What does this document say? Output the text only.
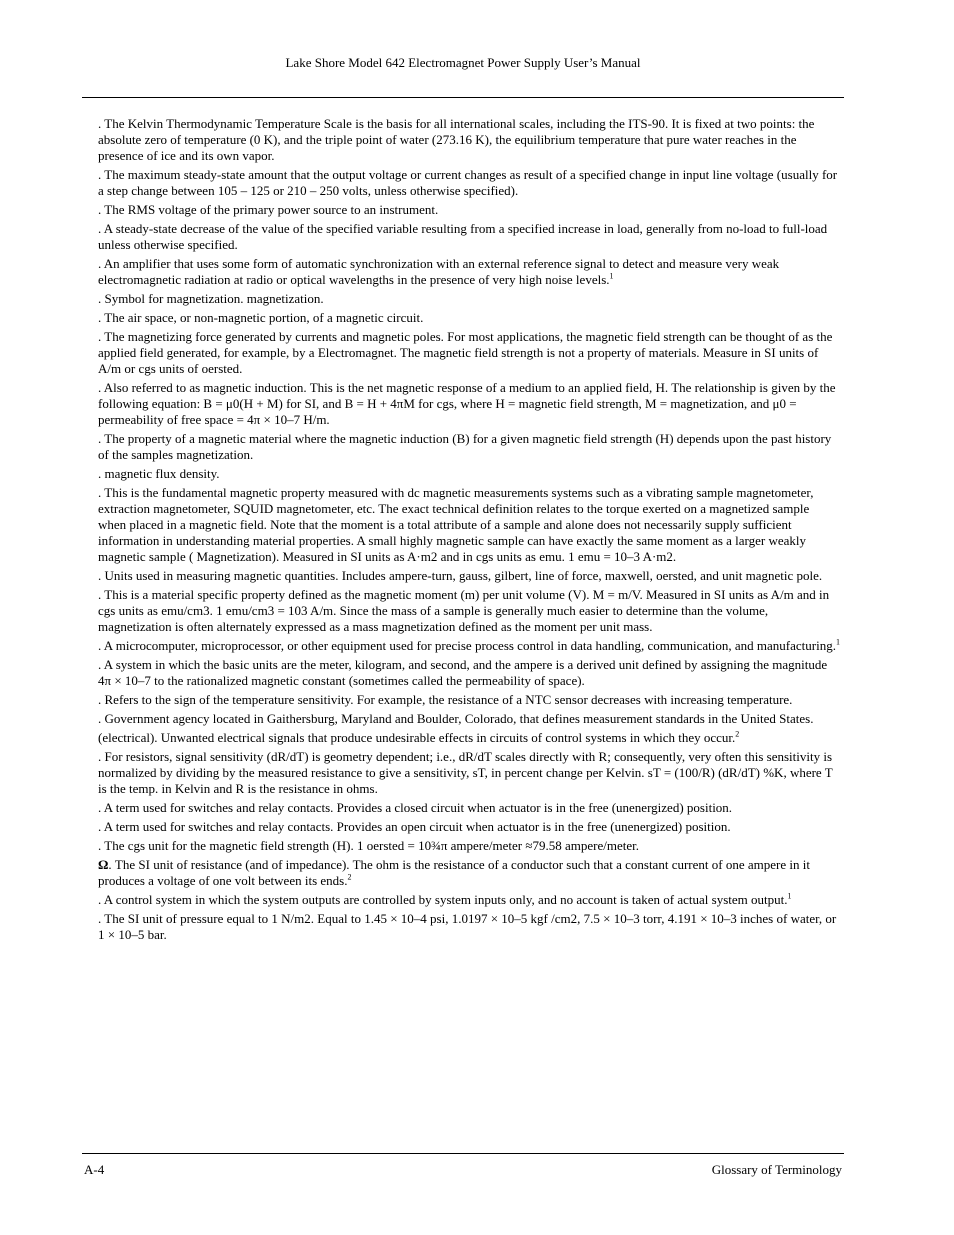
Lake Shore Model 642 Electromagnet Power Supply User’s Manual

. The Kelvin Thermodynamic Temperature Scale is the basis for all international scales, including the ITS-90. It is fixed at two points: the absolute zero of temperature (0 K), and the triple point of water (273.16 K), the equilibrium temperature that pure water reaches in the presence of ice and its own vapor.

. The maximum steady-state amount that the output voltage or current changes as result of a specified change in input line voltage (usually for a step change between 105 – 125 or 210 – 250 volts, unless otherwise specified).

. The RMS voltage of the primary power source to an instrument.

. A steady-state decrease of the value of the specified variable resulting from a specified increase in load, generally from no-load to full-load unless otherwise specified.

. An amplifier that uses some form of automatic synchronization with an external reference signal to detect and measure very weak electromagnetic radiation at radio or optical wavelengths in the presence of very high noise levels.$^1$

. Symbol for magnetization. magnetization.

. The air space, or non-magnetic portion, of a magnetic circuit.

. The magnetizing force generated by currents and magnetic poles. For most applications, the magnetic field strength can be thought of as the applied field generated, for example, by a Electromagnet. The magnetic field strength is not a property of materials. Measure in SI units of A/m or cgs units of oersted.

. Also referred to as magnetic induction. This is the net magnetic response of a medium to an applied field, H. The relationship is given by the following equation: B = μ0(H + M) for SI, and B = H + 4πM for cgs, where H = magnetic field strength, M = magnetization, and μ0 = permeability of free space = 4π × 10–7 H/m.

. The property of a magnetic material where the magnetic induction (B) for a given magnetic field strength (H) depends upon the past history of the samples magnetization.

. magnetic flux density.

. This is the fundamental magnetic property measured with dc magnetic measurements systems such as a vibrating sample magnetometer, extraction magnetometer, SQUID magnetometer, etc. The exact technical definition relates to the torque exerted on a magnetized sample when placed in a magnetic field. Note that the moment is a total attribute of a sample and alone does not necessarily supply sufficient information in understanding material properties. A small highly magnetic sample can have exactly the same moment as a larger weakly magnetic sample ( Magnetization). Measured in SI units as A·m2 and in cgs units as emu. 1 emu = 10–3 A·m2.

. Units used in measuring magnetic quantities. Includes ampere-turn, gauss, gilbert, line of force, maxwell, oersted, and unit magnetic pole.

. This is a material specific property defined as the magnetic moment (m) per unit volume (V). M = m/V. Measured in SI units as A/m and in cgs units as emu/cm3. 1 emu/cm3 = 103 A/m. Since the mass of a sample is generally much easier to determine than the volume, magnetization is often alternately expressed as a mass magnetization defined as the moment per unit mass.

. A microcomputer, microprocessor, or other equipment used for precise process control in data handling, communication, and manufacturing.$^1$

. A system in which the basic units are the meter, kilogram, and second, and the ampere is a derived unit defined by assigning the magnitude 4π × 10–7 to the rationalized magnetic constant (sometimes called the permeability of space).

. Refers to the sign of the temperature sensitivity. For example, the resistance of a NTC sensor decreases with increasing temperature.

. Government agency located in Gaithersburg, Maryland and Boulder, Colorado, that defines measurement standards in the United States.

(electrical). Unwanted electrical signals that produce undesirable effects in circuits of control systems in which they occur.$^2$

. For resistors, signal sensitivity (dR/dT) is geometry dependent; i.e., dR/dT scales directly with R; consequently, very often this sensitivity is normalized by dividing by the measured resistance to give a sensitivity, sT, in percent change per Kelvin. sT = (100/R) (dR/dT) %K, where T is the temp. in Kelvin and R is the resistance in ohms.

. A term used for switches and relay contacts. Provides a closed circuit when actuator is in the free (unenergized) position.

. A term used for switches and relay contacts. Provides an open circuit when actuator is in the free (unenergized) position.

. The cgs unit for the magnetic field strength (H). 1 oersted = 10¾π ampere/meter ≈79.58 ampere/meter.

Ω. The SI unit of resistance (and of impedance). The ohm is the resistance of a conductor such that a constant current of one ampere in it produces a voltage of one volt between its ends.$^2$

. A control system in which the system outputs are controlled by system inputs only, and no account is taken of actual system output.$^1$

. The SI unit of pressure equal to 1 N/m2. Equal to 1.45 × 10–4 psi, 1.0197 × 10–5 kgf /cm2, 7.5 × 10–3 torr, 4.191 × 10–3 inches of water, or 1 × 10–5 bar.

A-4	Glossary of Terminology
